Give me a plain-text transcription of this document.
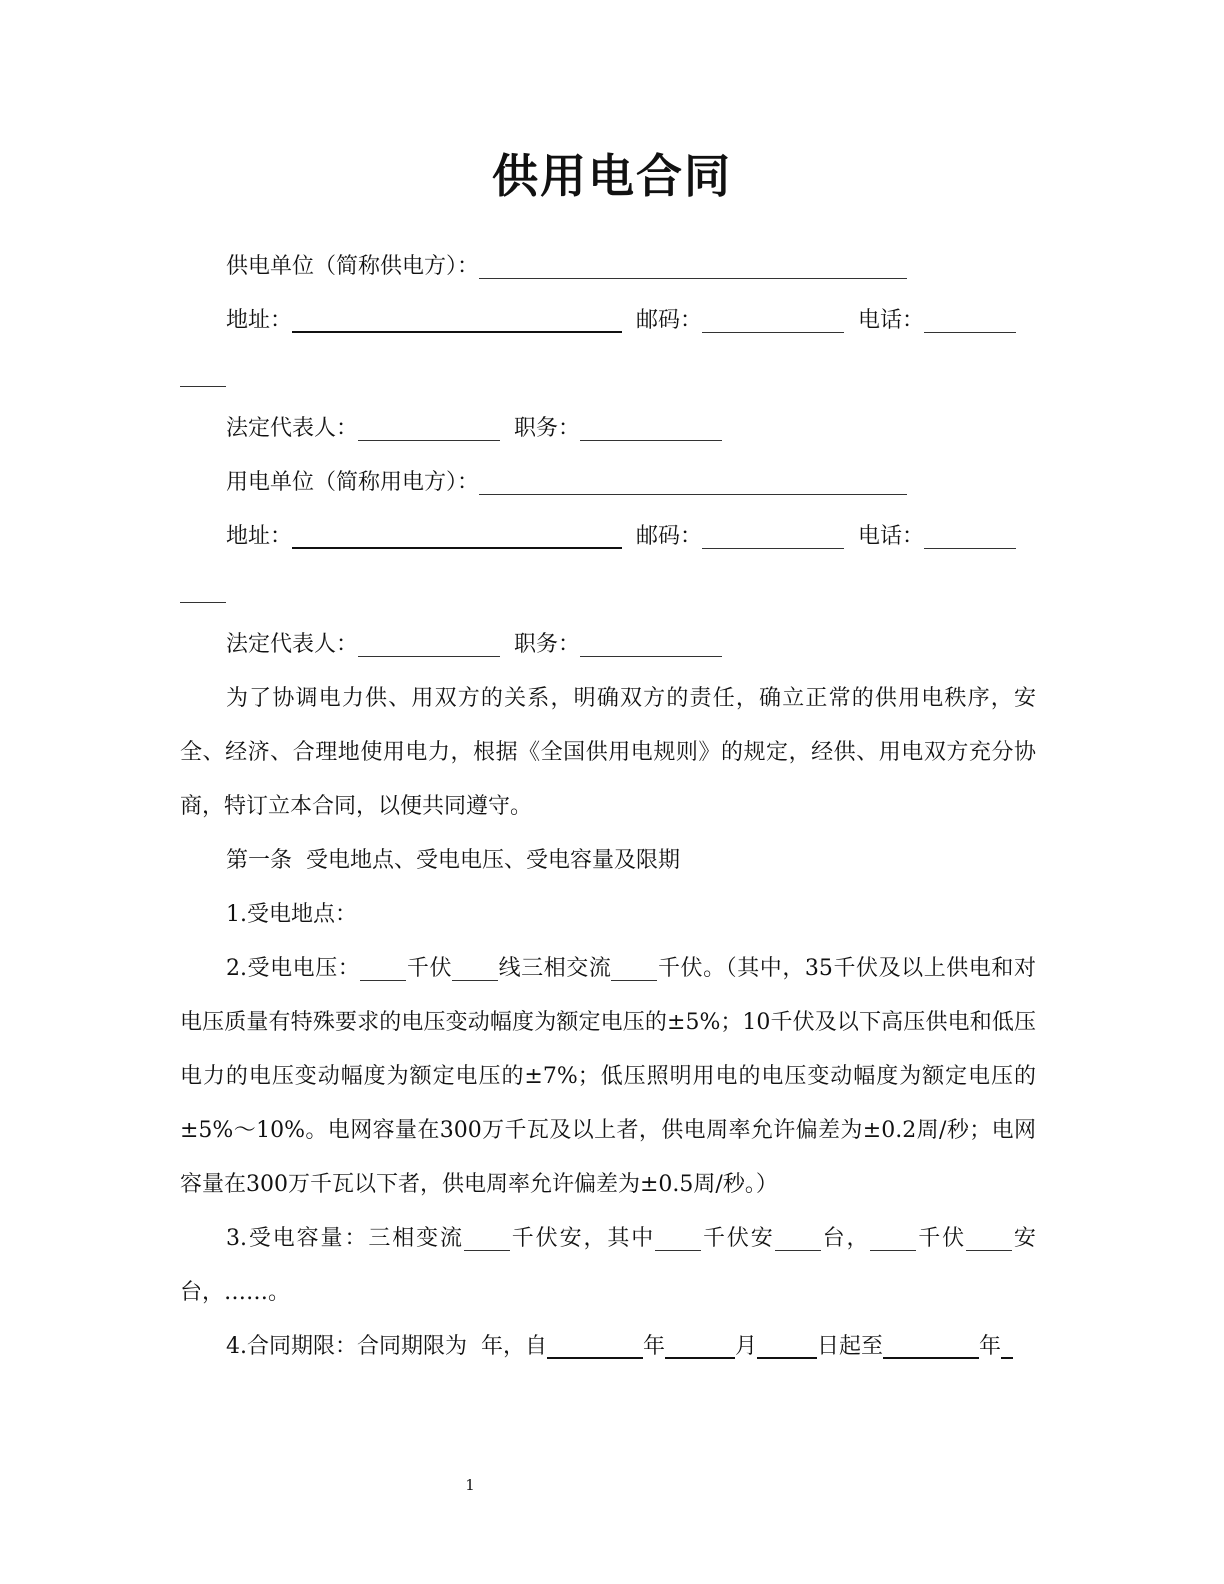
供用电合同

供电单位（简称供电方）：

地址：	邮码：	电话：

法定代表人：	职务：

用电单位（简称用电方）：

地址：	邮码：	电话：

法定代表人：	职务：

为了协调电力供、用双方的关系，明确双方的责任，确立正常的供用电秩序，安全、经济、合理地使用电力，根据《全国供用电规则》的规定，经供、用电双方充分协商，特订立本合同，以便共同遵守。

第一条  受电地点、受电电压、受电容量及限期

1.受电地点：

2.受电电压： 千伏 线三相交流 千伏。（其中，35千伏及以上供电和对电压质量有特殊要求的电压变动幅度为额定电压的±5%；10千伏及以下高压供电和低压电力的电压变动幅度为额定电压的±7%；低压照明用电的电压变动幅度为额定电压的±5%～10%。电网容量在300万千瓦及以上者，供电周率允许偏差为±0.2周/秒；电网容量在300万千瓦以下者，供电周率允许偏差为±0.5周/秒。）

3.受电容量：三相变流 千伏安，其中 千伏安 台， 千伏 安台，……。

4.合同期限：合同期限为  年，自	年	月	日起至	年

1
